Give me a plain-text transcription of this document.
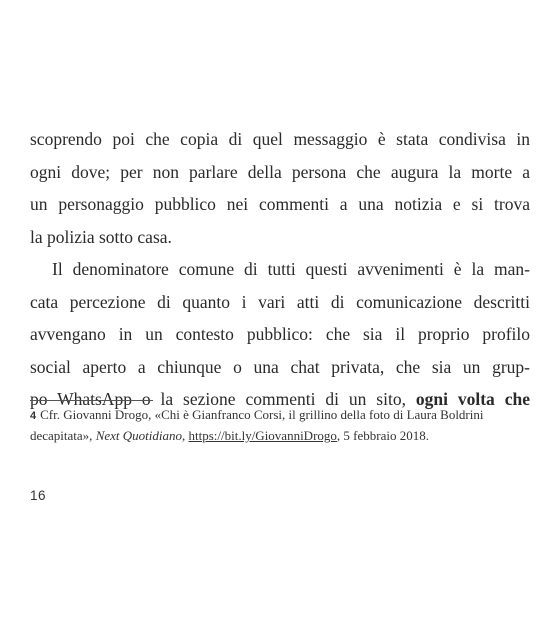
scoprendo poi che copia di quel messaggio è stata condivisa in
ogni dove; per non parlare della persona che augura la morte a
un personaggio pubblico nei commenti a una notizia e si trova
la polizia sotto casa.
Il denominatore comune di tutti questi avvenimenti è la man-
cata percezione di quanto i vari atti di comunicazione descritti
avvengano in un contesto pubblico: che sia il proprio profilo
social aperto a chiunque o una chat privata, che sia un grup-
po WhatsApp o la sezione commenti di un sito, ogni volta che
4 Cfr. Giovanni Drogo, «Chi è Gianfranco Corsi, il grillino della foto di Laura Boldrini
decapitata», Next Quotidiano, https://bit.ly/GiovanniDrogo, 5 febbraio 2018.
16
